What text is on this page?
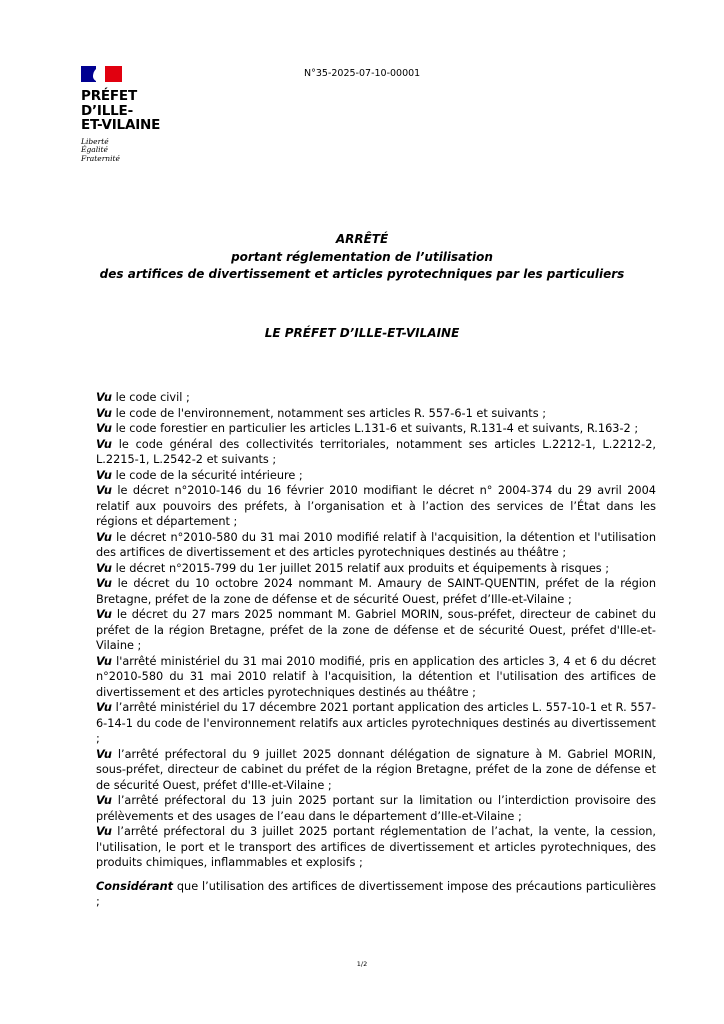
PRÉFET
D’ILLE-
ET-VILAINE
Liberté
Égalité
Fraternité
N°35-2025-07-10-00001
ARRÊTÉ
portant réglementation de l’utilisation
des artifices de divertissement et articles pyrotechniques par les particuliers
LE PRÉFET D’ILLE-ET-VILAINE
Vu le code civil ;
Vu le code de l'environnement, notamment ses articles R. 557-6-1 et suivants ;
Vu le code forestier en particulier les articles L.131-6 et suivants, R.131-4 et suivants, R.163-2 ;
Vu le code général des collectivités territoriales, notamment ses articles L.2212-1, L.2212-2, L.2215-1, L.2542-2 et suivants ;
Vu le code de la sécurité intérieure ;
Vu le décret n°2010-146 du 16 février 2010 modifiant le décret n° 2004-374 du 29 avril 2004 relatif aux pouvoirs des préfets, à l’organisation et à l’action des services de l’État dans les régions et département ;
Vu le décret n°2010-580 du 31 mai 2010 modifié relatif à l'acquisition, la détention et l'utilisation des artifices de divertissement et des articles pyrotechniques destinés au théâtre ;
Vu le décret n°2015-799 du 1er juillet 2015 relatif aux produits et équipements à risques ;
Vu le décret du 10 octobre 2024 nommant M. Amaury de SAINT-QUENTIN, préfet de la région Bretagne, préfet de la zone de défense et de sécurité Ouest, préfet d’Ille-et-Vilaine ;
Vu le décret du 27 mars 2025 nommant M. Gabriel MORIN, sous-préfet, directeur de cabinet du préfet de la région Bretagne, préfet de la zone de défense et de sécurité Ouest, préfet d'Ille-et-Vilaine ;
Vu l'arrêté ministériel du 31 mai 2010 modifié, pris en application des articles 3, 4 et 6 du décret n°2010-580 du 31 mai 2010 relatif à l'acquisition, la détention et l'utilisation des artifices de divertissement et des articles pyrotechniques destinés au théâtre ;
Vu l’arrêté ministériel du 17 décembre 2021 portant application des articles L. 557-10-1 et R. 557-6-14-1 du code de l'environnement relatifs aux articles pyrotechniques destinés au divertissement ;
Vu l’arrêté préfectoral du 9 juillet 2025 donnant délégation de signature à M. Gabriel MORIN, sous-préfet, directeur de cabinet du préfet de la région Bretagne, préfet de la zone de défense et de sécurité Ouest, préfet d'Ille-et-Vilaine ;
Vu l’arrêté préfectoral du 13 juin 2025 portant sur la limitation ou l’interdiction provisoire des prélèvements et des usages de l’eau dans le département d’Ille-et-Vilaine ;
Vu l’arrêté préfectoral du 3 juillet 2025 portant réglementation de l’achat, la vente, la cession, l'utilisation, le port et le transport des artifices de divertissement et articles pyrotechniques, des produits chimiques, inflammables et explosifs ;
Considérant que l’utilisation des artifices de divertissement impose des précautions particulières ;
1/2
